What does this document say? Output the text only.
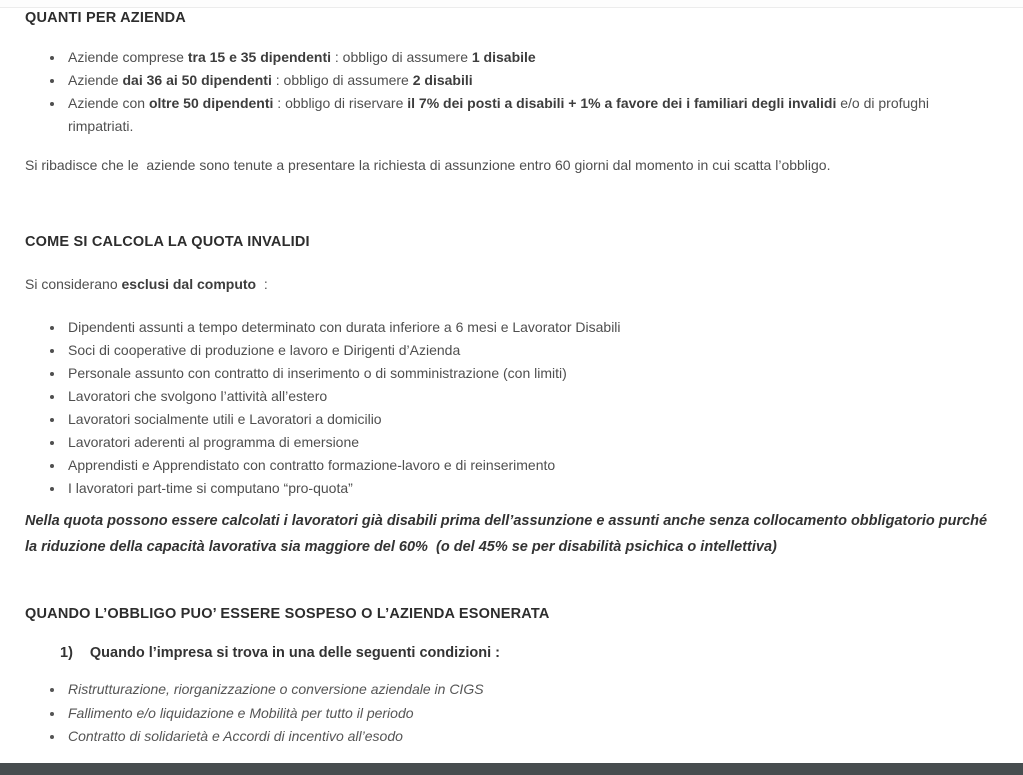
QUANTI PER AZIENDA
• Aziende comprese tra 15 e 35 dipendenti : obbligo di assumere 1 disabile
• Aziende dai 36 ai 50 dipendenti : obbligo di assumere 2 disabili
• Aziende con oltre 50 dipendenti : obbligo di riservare il 7% dei posti a disabili + 1% a favore dei i familiari degli invalidi e/o di profughi rimpatriati.

Si ribadisce che le  aziende sono tenute a presentare la richiesta di assunzione entro 60 giorni dal momento in cui scatta l’obbligo.

COME SI CALCOLA LA QUOTA INVALIDI

Si considerano esclusi dal computo  :

• Dipendenti assunti a tempo determinato con durata inferiore a 6 mesi e Lavorator Disabili
• Soci di cooperative di produzione e lavoro e Dirigenti d’Azienda
• Personale assunto con contratto di inserimento o di somministrazione (con limiti)
• Lavoratori che svolgono l’attività all’estero
• Lavoratori socialmente utili e Lavoratori a domicilio
• Lavoratori aderenti al programma di emersione
• Apprendisti e Apprendistato con contratto formazione-lavoro e di reinserimento
• I lavoratori part-time si computano “pro-quota”

Nella quota possono essere calcolati i lavoratori già disabili prima dell’assunzione e assunti anche senza collocamento obbligatorio purché la riduzione della capacità lavorativa sia maggiore del 60%  (o del 45% se per disabilità psichica o intellettiva)

QUANDO L’OBBLIGO PUO’ ESSERE SOSPESO O L’AZIENDA ESONERATA

1) Quando l’impresa si trova in una delle seguenti condizioni :

• Ristrutturazione, riorganizzazione o conversione aziendale in CIGS
• Fallimento e/o liquidazione e Mobilità per tutto il periodo
• Contratto di solidarietà e Accordi di incentivo all’esodo
